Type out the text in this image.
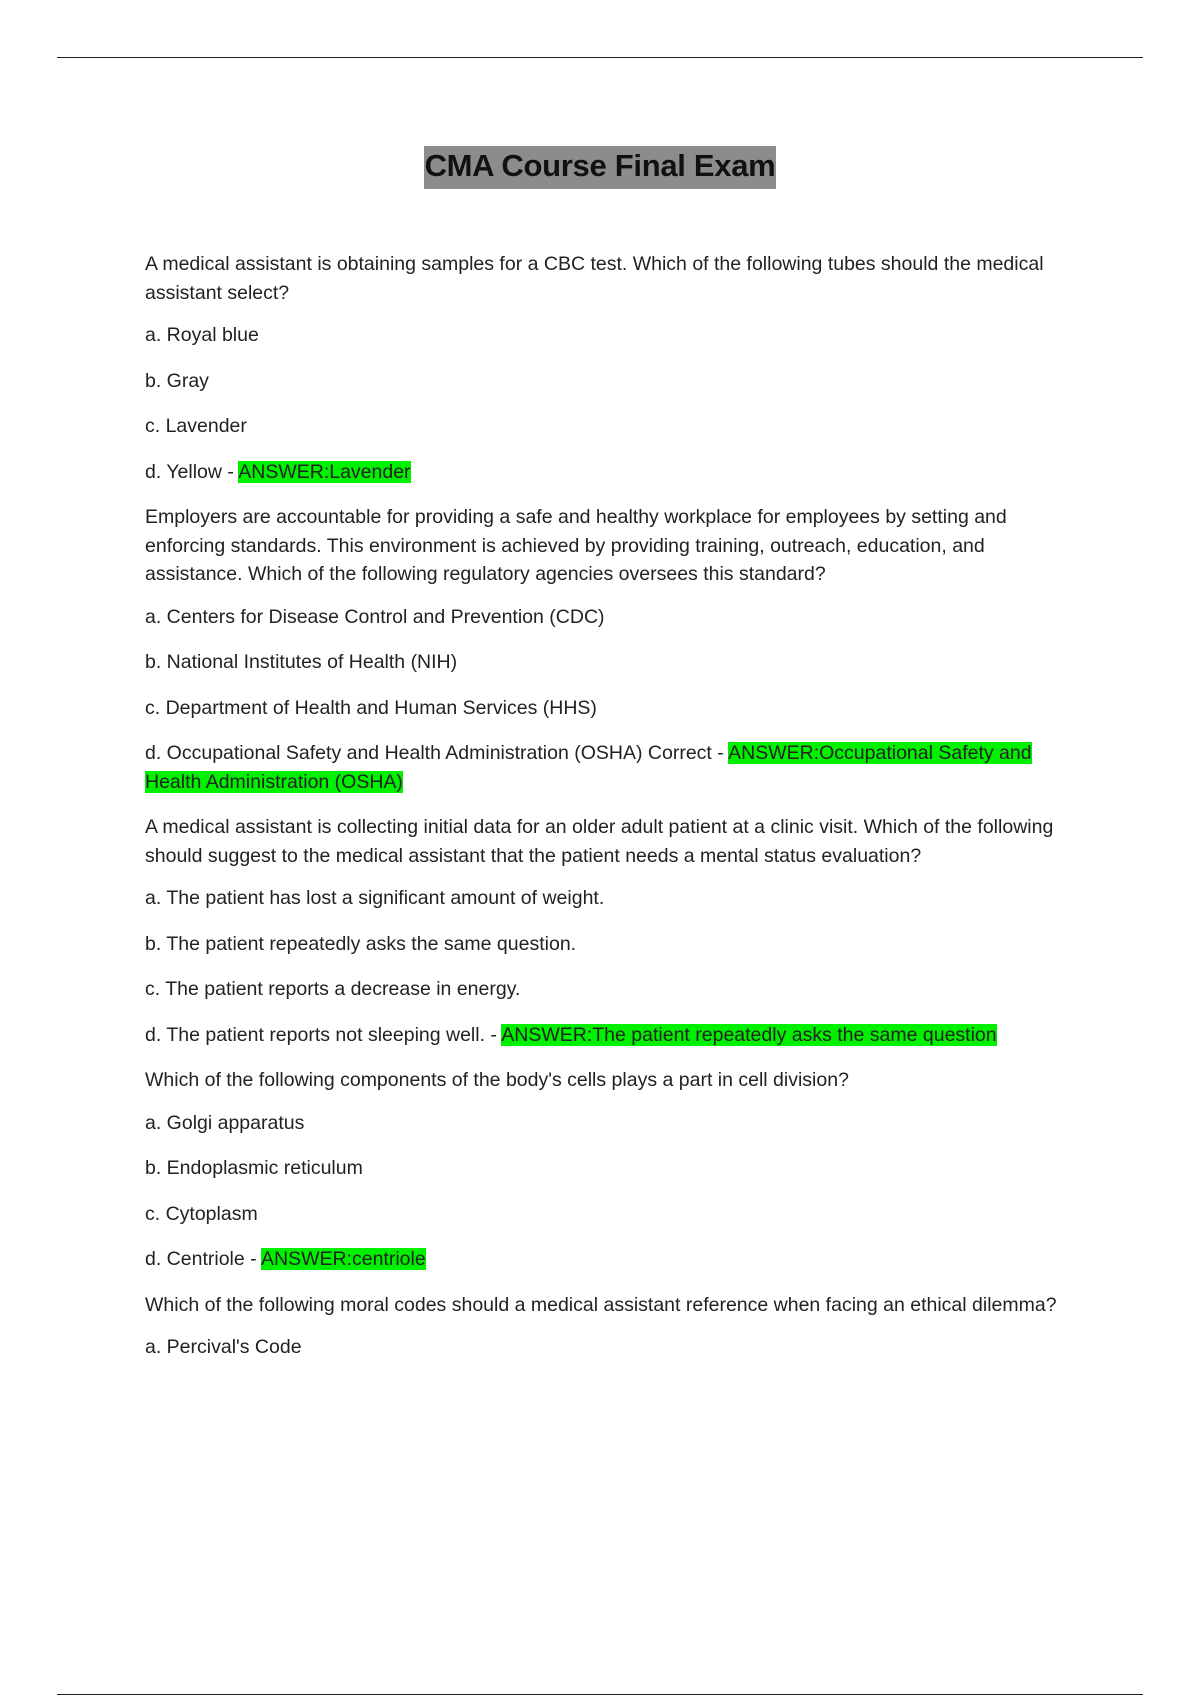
CMA Course Final Exam

A medical assistant is obtaining samples for a CBC test. Which of the following tubes should the medical assistant select?

a. Royal blue

b. Gray

c. Lavender

d. Yellow - ANSWER:Lavender

Employers are accountable for providing a safe and healthy workplace for employees by setting and enforcing standards. This environment is achieved by providing training, outreach, education, and assistance. Which of the following regulatory agencies oversees this standard?

a. Centers for Disease Control and Prevention (CDC)

b. National Institutes of Health (NIH)

c. Department of Health and Human Services (HHS)

d. Occupational Safety and Health Administration (OSHA) Correct - ANSWER:Occupational Safety and Health Administration (OSHA)

A medical assistant is collecting initial data for an older adult patient at a clinic visit. Which of the following should suggest to the medical assistant that the patient needs a mental status evaluation?

a. The patient has lost a significant amount of weight.

b. The patient repeatedly asks the same question.

c. The patient reports a decrease in energy.

d. The patient reports not sleeping well. - ANSWER:The patient repeatedly asks the same question

Which of the following components of the body's cells plays a part in cell division?

a. Golgi apparatus

b. Endoplasmic reticulum

c. Cytoplasm

d. Centriole - ANSWER:centriole

Which of the following moral codes should a medical assistant reference when facing an ethical dilemma?

a. Percival's Code
